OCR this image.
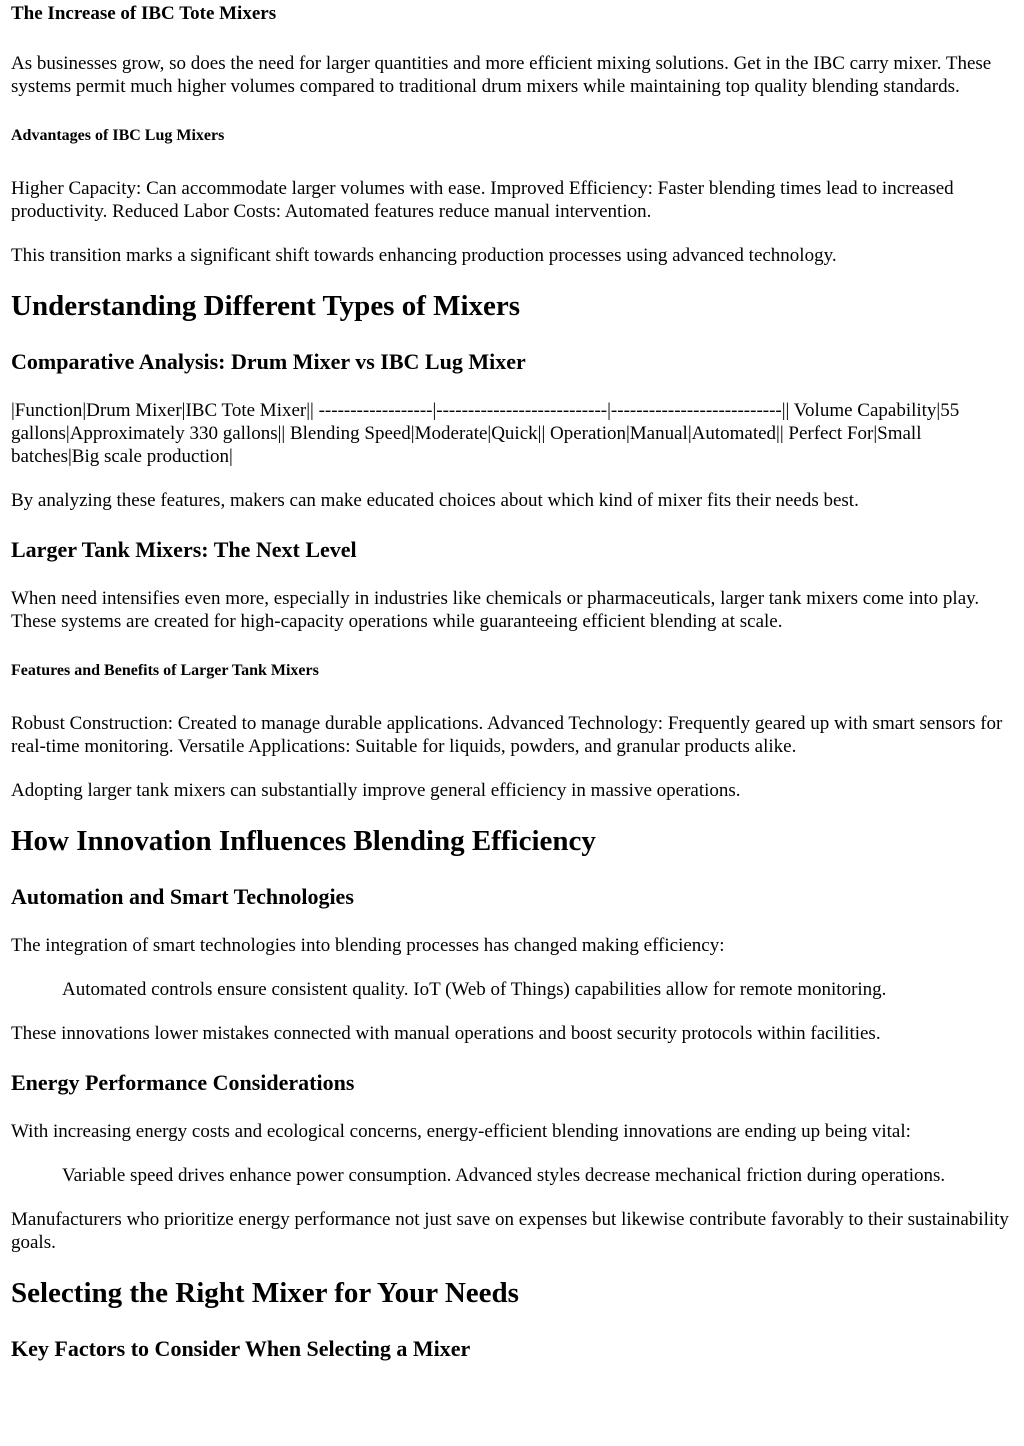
The Increase of IBC Tote Mixers

As businesses grow, so does the need for larger quantities and more efficient mixing solutions. Get in the IBC carry mixer. These systems permit much higher volumes compared to traditional drum mixers while maintaining top quality blending standards.

Advantages of IBC Lug Mixers

Higher Capacity: Can accommodate larger volumes with ease. Improved Efficiency: Faster blending times lead to increased productivity. Reduced Labor Costs: Automated features reduce manual intervention.

This transition marks a significant shift towards enhancing production processes using advanced technology.

Understanding Different Types of Mixers
Comparative Analysis: Drum Mixer vs IBC Lug Mixer

|Function|Drum Mixer|IBC Tote Mixer|| ------------------|---------------------------|---------------------------|| Volume Capability|55 gallons|Approximately 330 gallons|| Blending Speed|Moderate|Quick|| Operation|Manual|Automated|| Perfect For|Small batches|Big scale production|

By analyzing these features, makers can make educated choices about which kind of mixer fits their needs best.

Larger Tank Mixers: The Next Level

When need intensifies even more, especially in industries like chemicals or pharmaceuticals, larger tank mixers come into play. These systems are created for high-capacity operations while guaranteeing efficient blending at scale.

Features and Benefits of Larger Tank Mixers

Robust Construction: Created to manage durable applications. Advanced Technology: Frequently geared up with smart sensors for real-time monitoring. Versatile Applications: Suitable for liquids, powders, and granular products alike.

Adopting larger tank mixers can substantially improve general efficiency in massive operations.

How Innovation Influences Blending Efficiency
Automation and Smart Technologies

The integration of smart technologies into blending processes has changed making efficiency:

Automated controls ensure consistent quality. IoT (Web of Things) capabilities allow for remote monitoring.

These innovations lower mistakes connected with manual operations and boost security protocols within facilities.

Energy Performance Considerations

With increasing energy costs and ecological concerns, energy-efficient blending innovations are ending up being vital:

Variable speed drives enhance power consumption. Advanced styles decrease mechanical friction during operations.

Manufacturers who prioritize energy performance not just save on expenses but likewise contribute favorably to their sustainability goals.

Selecting the Right Mixer for Your Needs
Key Factors to Consider When Selecting a Mixer
